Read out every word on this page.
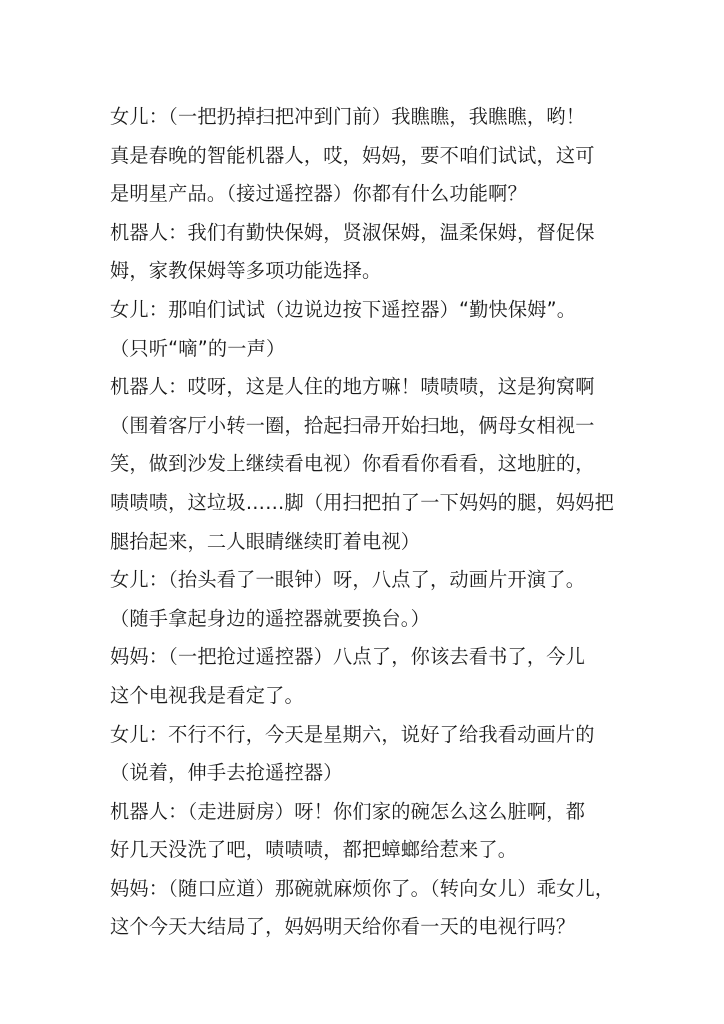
女儿：（一把扔掉扫把冲到门前）我瞧瞧，我瞧瞧，哟！
真是春晚的智能机器人，哎，妈妈，要不咱们试试，这可
是明星产品。（接过遥控器）你都有什么功能啊？
机器人：我们有勤快保姆，贤淑保姆，温柔保姆，督促保
姆，家教保姆等多项功能选择。
女儿：那咱们试试（边说边按下遥控器）“勤快保姆”。
（只听“嘀”的一声）
机器人：哎呀，这是人住的地方嘛！啧啧啧，这是狗窝啊
（围着客厅小转一圈，拾起扫帚开始扫地，俩母女相视一
笑，做到沙发上继续看电视）你看看你看看，这地脏的，
啧啧啧，这垃圾……脚（用扫把拍了一下妈妈的腿，妈妈把
腿抬起来，二人眼睛继续盯着电视）
女儿：（抬头看了一眼钟）呀，八点了，动画片开演了。
（随手拿起身边的遥控器就要换台。）
妈妈：（一把抢过遥控器）八点了，你该去看书了，今儿
这个电视我是看定了。
女儿：不行不行，今天是星期六，说好了给我看动画片的
（说着，伸手去抢遥控器）
机器人：（走进厨房）呀！你们家的碗怎么这么脏啊，都
好几天没洗了吧，啧啧啧，都把蟑螂给惹来了。
妈妈：（随口应道）那碗就麻烦你了。（转向女儿）乖女儿，
这个今天大结局了，妈妈明天给你看一天的电视行吗？
